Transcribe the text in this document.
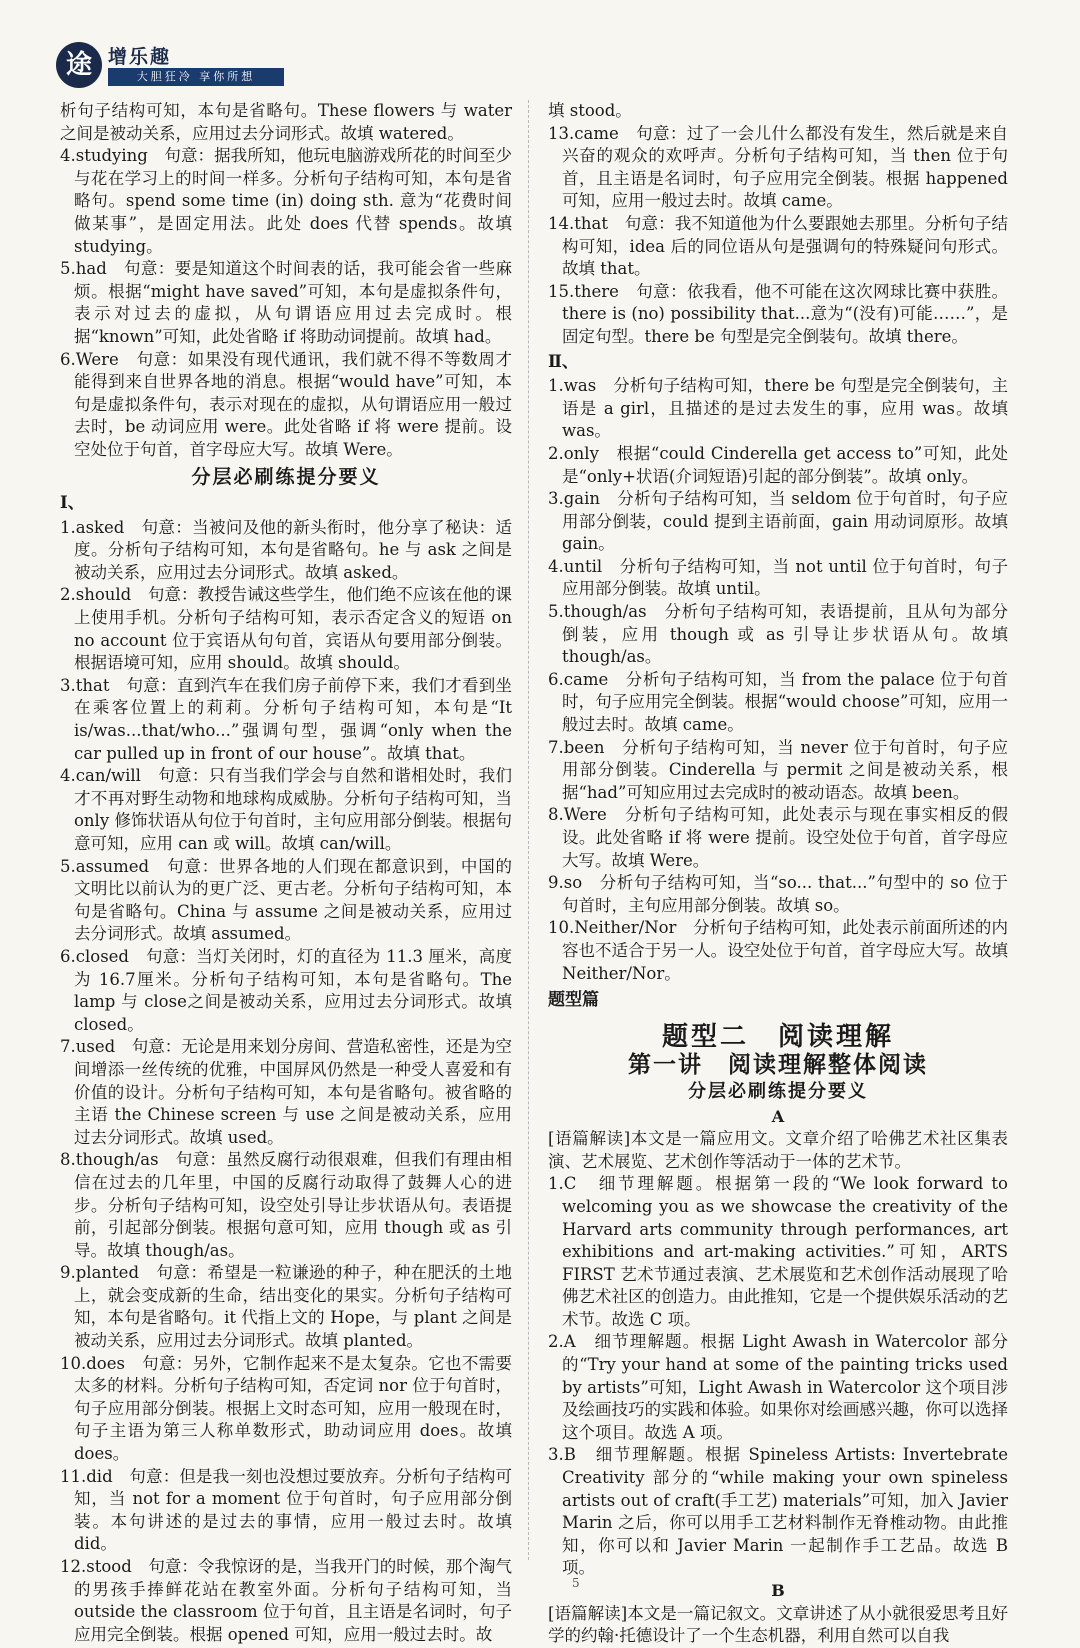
途 增乐趣
大胆狂冷 享你所想

析句子结构可知，本句是省略句。These flowers 与 water 之间是被动关系，应用过去分词形式。故填 watered。

4.studying　句意：据我所知，他玩电脑游戏所花的时间至少与花在学习上的时间一样多。分析句子结构可知，本句是省略句。spend some time (in) doing sth. 意为“花费时间做某事”，是固定用法。此处 does 代替 spends。故填 studying。

5.had　句意：要是知道这个时间表的话，我可能会省一些麻烦。根据“might have saved”可知，本句是虚拟条件句，表示对过去的虚拟，从句谓语应用过去完成时。根据“known”可知，此处省略 if 将助动词提前。故填 had。

6.Were　句意：如果没有现代通讯，我们就不得不等数周才能得到来自世界各地的消息。根据“would have”可知，本句是虚拟条件句，表示对现在的虚拟，从句谓语应用一般过去时，be 动词应用 were。此处省略 if 将 were 提前。设空处位于句首，首字母应大写。故填 Were。

分层必刷练提分要义
Ⅰ、

1.asked　句意：当被问及他的新头衔时，他分享了秘诀：适度。分析句子结构可知，本句是省略句。he 与 ask 之间是被动关系，应用过去分词形式。故填 asked。

2.should　句意：教授告诫这些学生，他们绝不应该在他的课上使用手机。分析句子结构可知，表示否定含义的短语 on no account 位于宾语从句句首，宾语从句要用部分倒装。根据语境可知，应用 should。故填 should。

3.that　句意：直到汽车在我们房子前停下来，我们才看到坐在乘客位置上的莉莉。分析句子结构可知，本句是“It is/was...that/who...”强调句型，强调“only when the car pulled up in front of our house”。故填 that。

4.can/will　句意：只有当我们学会与自然和谐相处时，我们才不再对野生动物和地球构成威胁。分析句子结构可知，当 only 修饰状语从句位于句首时，主句应用部分倒装。根据句意可知，应用 can 或 will。故填 can/will。

5.assumed　句意：世界各地的人们现在都意识到，中国的文明比以前认为的更广泛、更古老。分析句子结构可知，本句是省略句。China 与 assume 之间是被动关系，应用过去分词形式。故填 assumed。

6.closed　句意：当灯关闭时，灯的直径为 11.3 厘米，高度为 16.7厘米。分析句子结构可知，本句是省略句。The lamp 与 close之间是被动关系，应用过去分词形式。故填 closed。

7.used　句意：无论是用来划分房间、营造私密性，还是为空间增添一丝传统的优雅，中国屏风仍然是一种受人喜爱和有价值的设计。分析句子结构可知，本句是省略句。被省略的主语 the Chinese screen 与 use 之间是被动关系，应用过去分词形式。故填 used。

8.though/as　句意：虽然反腐行动很艰难，但我们有理由相信在过去的几年里，中国的反腐行动取得了鼓舞人心的进步。分析句子结构可知，设空处引导让步状语从句。表语提前，引起部分倒装。根据句意可知，应用 though 或 as 引导。故填 though/as。

9.planted　句意：希望是一粒谦逊的种子，种在肥沃的土地上，就会变成新的生命，结出变化的果实。分析句子结构可知，本句是省略句。it 代指上文的 Hope，与 plant 之间是被动关系，应用过去分词形式。故填 planted。

10.does　句意：另外，它制作起来不是太复杂。它也不需要太多的材料。分析句子结构可知，否定词 nor 位于句首时，句子应用部分倒装。根据上文时态可知，应用一般现在时，句子主语为第三人称单数形式，助动词应用 does。故填 does。

11.did　句意：但是我一刻也没想过要放弃。分析句子结构可知，当 not for a moment 位于句首时，句子应用部分倒装。本句讲述的是过去的事情，应用一般过去时。故填 did。

12.stood　句意：令我惊讶的是，当我开门的时候，那个淘气的男孩手捧鲜花站在教室外面。分析句子结构可知，当 outside the classroom 位于句首，且主语是名词时，句子应用完全倒装。根据 opened 可知，应用一般过去时。故

填 stood。

13.came　句意：过了一会儿什么都没有发生，然后就是来自兴奋的观众的欢呼声。分析句子结构可知，当 then 位于句首，且主语是名词时，句子应用完全倒装。根据 happened 可知，应用一般过去时。故填 came。

14.that　句意：我不知道他为什么要跟她去那里。分析句子结构可知，idea 后的同位语从句是强调句的特殊疑问句形式。故填 that。

15.there　句意：依我看，他不可能在这次网球比赛中获胜。there is (no) possibility that...意为“(没有)可能……”，是固定句型。there be 句型是完全倒装句。故填 there。

Ⅱ、

1.was　分析句子结构可知，there be 句型是完全倒装句，主语是 a girl，且描述的是过去发生的事，应用 was。故填 was。

2.only　根据“could Cinderella get access to”可知，此处是“only+状语(介词短语)引起的部分倒装”。故填 only。

3.gain　分析句子结构可知，当 seldom 位于句首时，句子应用部分倒装，could 提到主语前面，gain 用动词原形。故填 gain。

4.until　分析句子结构可知，当 not until 位于句首时，句子应用部分倒装。故填 until。

5.though/as　分析句子结构可知，表语提前，且从句为部分倒装，应用 though 或 as 引导让步状语从句。故填 though/as。

6.came　分析句子结构可知，当 from the palace 位于句首时，句子应用完全倒装。根据“would choose”可知，应用一般过去时。故填 came。

7.been　分析句子结构可知，当 never 位于句首时，句子应用部分倒装。Cinderella 与 permit 之间是被动关系，根据“had”可知应用过去完成时的被动语态。故填 been。

8.Were　分析句子结构可知，此处表示与现在事实相反的假设。此处省略 if 将 were 提前。设空处位于句首，首字母应大写。故填 Were。

9.so　分析句子结构可知，当“so... that...”句型中的 so 位于句首时，主句应用部分倒装。故填 so。

10.Neither/Nor　分析句子结构可知，此处表示前面所述的内容也不适合于另一人。设空处位于句首，首字母应大写。故填 Neither/Nor。

题型篇
题型二　阅读理解
第一讲　阅读理解整体阅读
分层必刷练提分要义
A

[语篇解读]本文是一篇应用文。文章介绍了哈佛艺术社区集表演、艺术展览、艺术创作等活动于一体的艺术节。

1.C　细节理解题。根据第一段的“We look forward to welcoming you as we showcase the creativity of the Harvard arts community through performances, art exhibitions and art-making activities.”可知，ARTS FIRST 艺术节通过表演、艺术展览和艺术创作活动展现了哈佛艺术社区的创造力。由此推知，它是一个提供娱乐活动的艺术节。故选 C 项。

2.A　细节理解题。根据 Light Awash in Watercolor 部分的“Try your hand at some of the painting tricks used by artists”可知，Light Awash in Watercolor 这个项目涉及绘画技巧的实践和体验。如果你对绘画感兴趣，你可以选择这个项目。故选 A 项。

3.B　细节理解题。根据 Spineless Artists: Invertebrate Creativity 部分的“while making your own spineless artists out of craft(手工艺) materials”可知，加入 Javier Marin 之后，你可以用手工艺材料制作无脊椎动物。由此推知，你可以和 Javier Marin 一起制作手工艺品。故选 B 项。

B

[语篇解读]本文是一篇记叙文。文章讲述了从小就很爱思考且好学的约翰·托德设计了一个生态机器，利用自然可以自我

5
